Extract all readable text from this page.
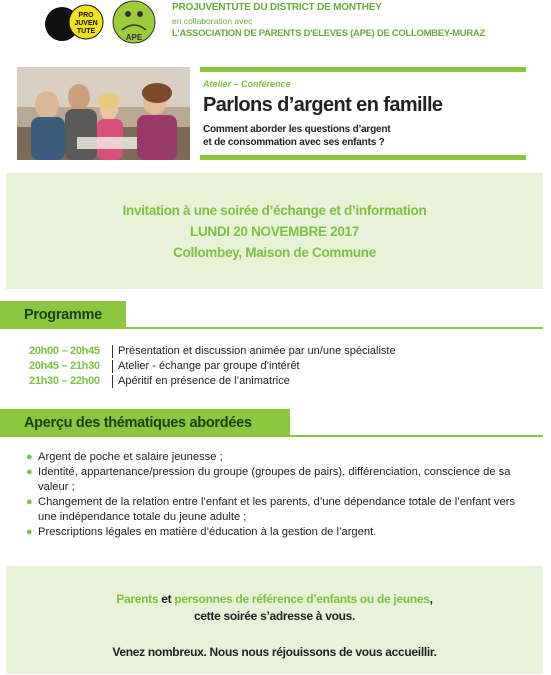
PRO
JUVEN
TUTE
APE
PROJUVENTUTE DU DISTRICT DE MONTHEY
en collaboration avec
L'ASSOCIATION DE PARENTS D'ELEVES (APE) DE COLLOMBEY-MURAZ
Atelier – Conférence
Parlons d’argent en famille
Comment aborder les questions d’argent
et de consommation avec ses enfants ?
Invitation à une soirée d’échange et d’information
LUNDI 20 NOVEMBRE 2017
Collombey, Maison de Commune
Programme
20h00 – 20h45 Présentation et discussion animée par un/une spécialiste
20h45 – 21h30 Atelier - échange par groupe d’intérêt
21h30 – 22h00 Apéritif en présence de l’animatrice
Aperçu des thématiques abordées
● Argent de poche et salaire jeunesse ;
● Identité, appartenance/pression du groupe (groupes de pairs), différenciation, conscience de sa valeur ;
● Changement de la relation entre l’enfant et les parents, d’une dépendance totale de l’enfant vers une indépendance totale du jeune adulte ;
● Prescriptions légales en matière d’éducation à la gestion de l’argent.
Parents et personnes de référence d’enfants ou de jeunes,
cette soirée s’adresse à vous.
Venez nombreux. Nous nous réjouissons de vous accueillir.
